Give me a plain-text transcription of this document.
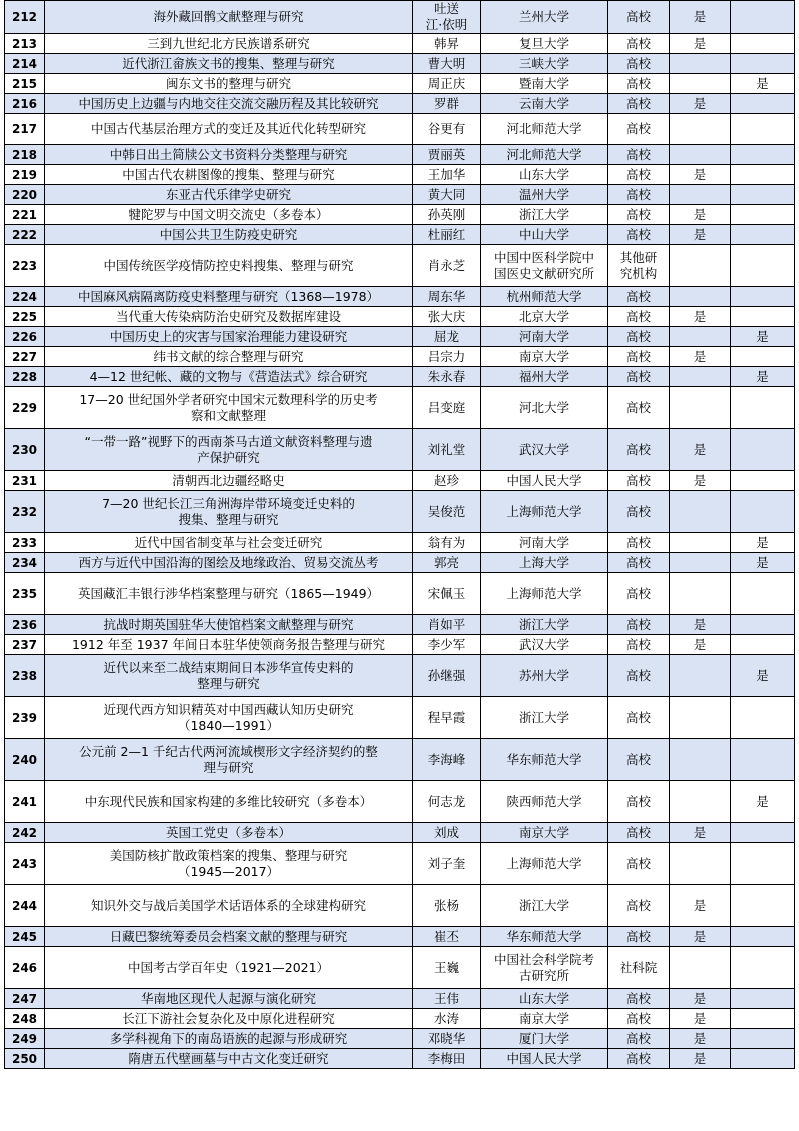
212	海外藏回鹘文献整理与研究	吐送
江·依明	兰州大学	高校	是	
213	三到九世纪北方民族谱系研究	韩昇	复旦大学	高校	是	
214	近代浙江畲族文书的搜集、整理与研究	曹大明	三峡大学	高校		
215	闽东文书的整理与研究	周正庆	暨南大学	高校		是
216	中国历史上边疆与内地交往交流交融历程及其比较研究	罗群	云南大学	高校	是	
217	中国古代基层治理方式的变迁及其近代化转型研究	谷更有	河北师范大学	高校		
218	中韩日出土简牍公文书资料分类整理与研究	贾丽英	河北师范大学	高校		
219	中国古代农耕图像的搜集、整理与研究	王加华	山东大学	高校	是	
220	东亚古代乐律学史研究	黄大同	温州大学	高校		
221	犍陀罗与中国文明交流史（多卷本）	孙英刚	浙江大学	高校	是	
222	中国公共卫生防疫史研究	杜丽红	中山大学	高校	是	
223	中国传统医学疫情防控史料搜集、整理与研究	肖永芝	中国中医科学院中
国医史文献研究所	其他研
究机构		
224	中国麻风病隔离防疫史料整理与研究（1368—1978）	周东华	杭州师范大学	高校		
225	当代重大传染病防治史研究及数据库建设	张大庆	北京大学	高校	是	
226	中国历史上的灾害与国家治理能力建设研究	屈龙	河南大学	高校		是
227	纬书文献的综合整理与研究	吕宗力	南京大学	高校	是	
228	4—12 世纪帐、藏的文物与《营造法式》综合研究	朱永春	福州大学	高校		是
229	17—20 世纪国外学者研究中国宋元数理科学的历史考
察和文献整理	吕变庭	河北大学	高校		
230	“一带一路”视野下的西南茶马古道文献资料整理与遗
产保护研究	刘礼堂	武汉大学	高校	是	
231	清朝西北边疆经略史	赵珍	中国人民大学	高校	是	
232	7—20 世纪长江三角洲海岸带环境变迁史料的
搜集、整理与研究	吴俊范	上海师范大学	高校		
233	近代中国省制变革与社会变迁研究	翁有为	河南大学	高校		是
234	西方与近代中国沿海的图绘及地缘政治、贸易交流丛考	郭亮	上海大学	高校		是
235	英国藏汇丰银行涉华档案整理与研究（1865—1949）	宋佩玉	上海师范大学	高校		
236	抗战时期英国驻华大使馆档案文献整理与研究	肖如平	浙江大学	高校	是	
237	1912 年至 1937 年间日本驻华使领商务报告整理与研究	李少军	武汉大学	高校	是	
238	近代以来至二战结束期间日本涉华宣传史料的
整理与研究	孙继强	苏州大学	高校		是
239	近现代西方知识精英对中国西藏认知历史研究
（1840—1991）	程早霞	浙江大学	高校		
240	公元前 2—1 千纪古代两河流域楔形文字经济契约的整
理与研究	李海峰	华东师范大学	高校		
241	中东现代民族和国家构建的多维比较研究（多卷本）	何志龙	陕西师范大学	高校		是
242	英国工党史（多卷本）	刘成	南京大学	高校	是	
243	美国防核扩散政策档案的搜集、整理与研究
（1945—2017）	刘子奎	上海师范大学	高校		
244	知识外交与战后美国学术话语体系的全球建构研究	张杨	浙江大学	高校	是	
245	日藏巴黎统筹委员会档案文献的整理与研究	崔丕	华东师范大学	高校	是	
246	中国考古学百年史（1921—2021）	王巍	中国社会科学院考
古研究所	社科院		
247	华南地区现代人起源与演化研究	王伟	山东大学	高校	是	
248	长江下游社会复杂化及中原化进程研究	水涛	南京大学	高校	是	
249	多学科视角下的南岛语族的起源与形成研究	邓晓华	厦门大学	高校	是	
250	隋唐五代壁画墓与中古文化变迁研究	李梅田	中国人民大学	高校	是	
